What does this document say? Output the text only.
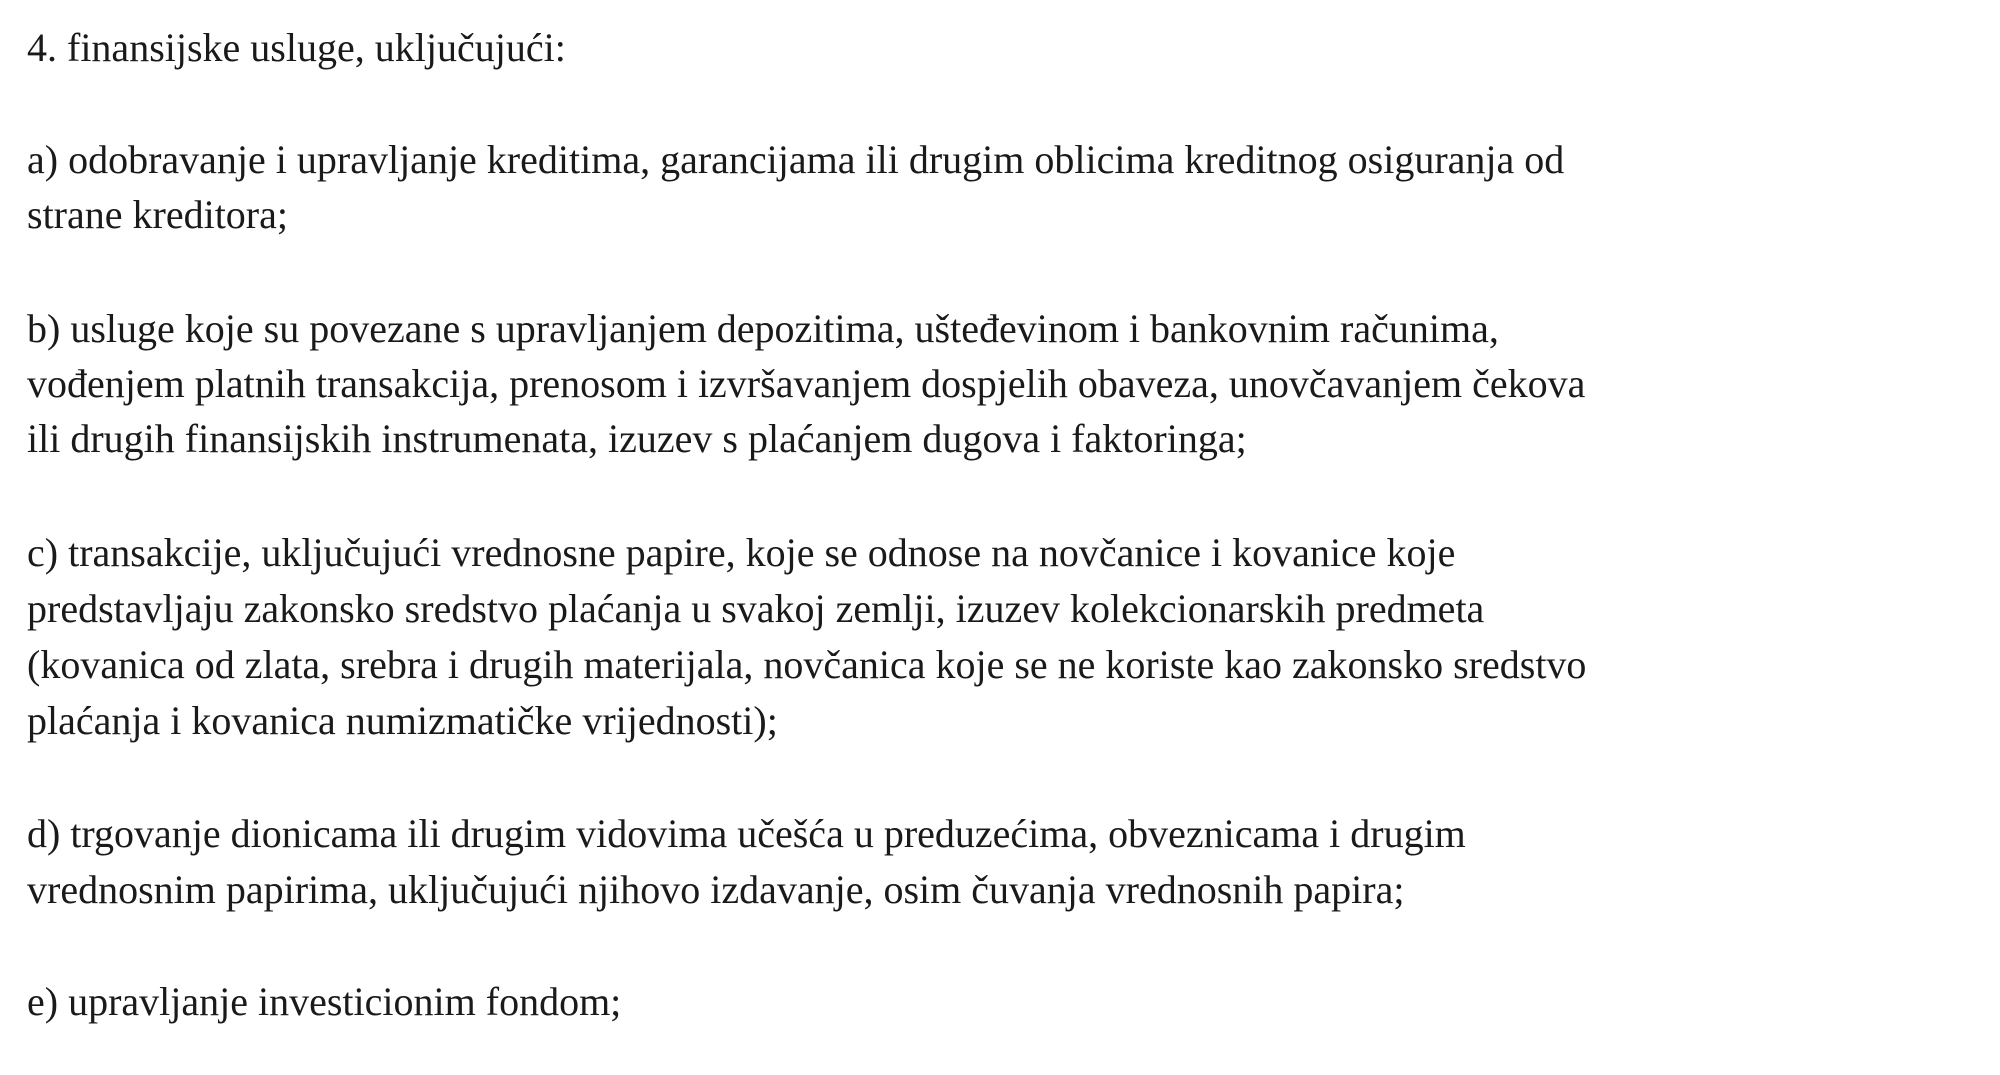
4. finansijske usluge, uključujući:
a) odobravanje i upravljanje kreditima, garancijama ili drugim oblicima kreditnog osiguranja od
strane kreditora;
b) usluge koje su povezane s upravljanjem depozitima, ušteđevinom i bankovnim računima,
vođenjem platnih transakcija, prenosom i izvršavanjem dospjelih obaveza, unovčavanjem čekova
ili drugih finansijskih instrumenata, izuzev s plaćanjem dugova i faktoringa;
c) transakcije, uključujući vrednosne papire, koje se odnose na novčanice i kovanice koje
predstavljaju zakonsko sredstvo plaćanja u svakoj zemlji, izuzev kolekcionarskih predmeta
(kovanica od zlata, srebra i drugih materijala, novčanica koje se ne koriste kao zakonsko sredstvo
plaćanja i kovanica numizmatičke vrijednosti);
d) trgovanje dionicama ili drugim vidovima učešća u preduzećima, obveznicama i drugim
vrednosnim papirima, uključujući njihovo izdavanje, osim čuvanja vrednosnih papira;
e) upravljanje investicionim fondom;
